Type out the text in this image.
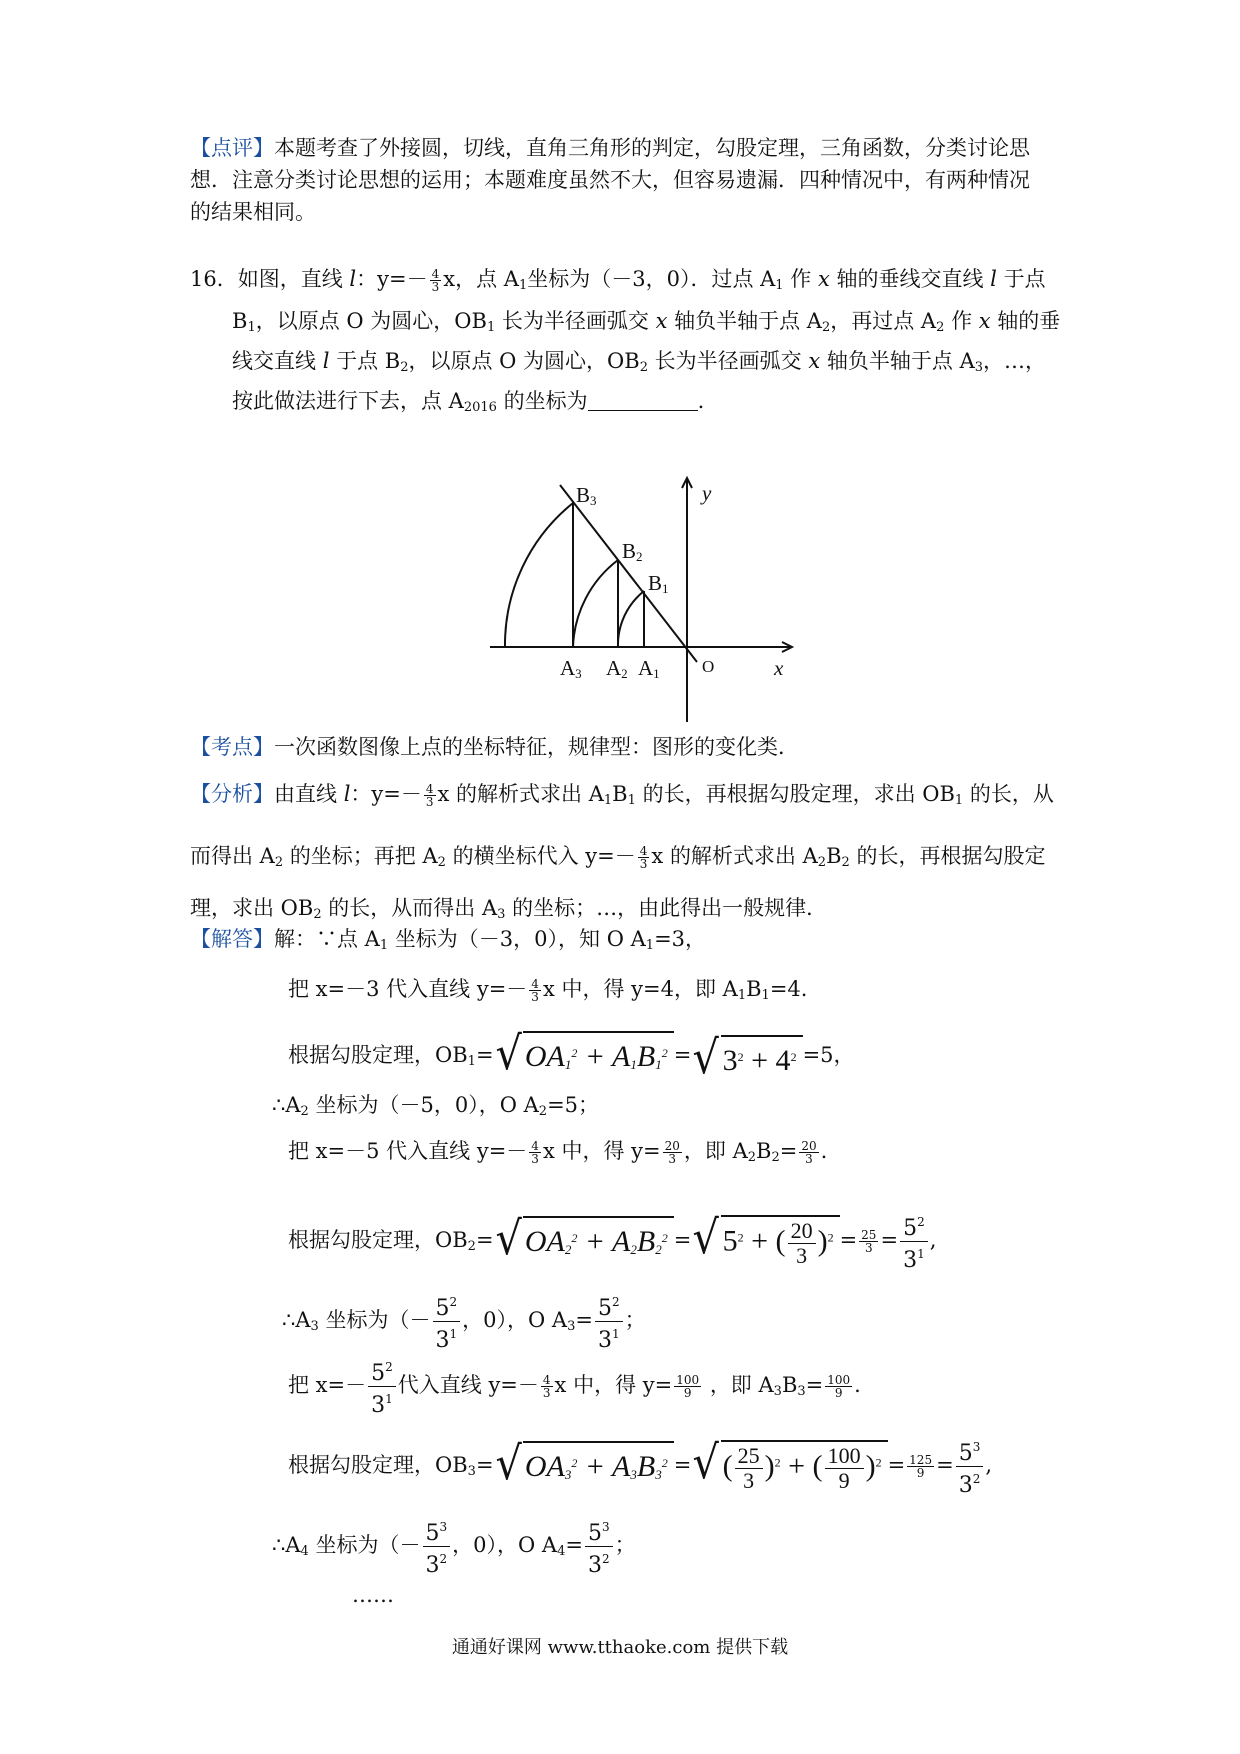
【点评】本题考查了外接圆，切线，直角三角形的判定，勾股定理，三角函数，分类讨论思
想．注意分类讨论思想的运用；本题难度虽然不大，但容易遗漏．四种情况中，有两种情况
的结果相同。
16．如图，直线 l：$y=- \frac{4}{3}$ x，点 $A_1$坐标为（－3，0）．过点 $A_1$ 作 x 轴的垂线交直线 l 于点
$B_1$，以原点 O 为圆心，$OB_1$ 长为半径画弧交 x 轴负半轴于点 $A_2$，再过点 $A_2$ 作 x 轴的垂
线交直线 l 于点 $B_2$，以原点 O 为圆心，$OB_2$ 长为半径画弧交 x 轴负半轴于点 $A_3$，…，
按此做法进行下去，点 $A_{2016}$ 的坐标为	.
B3
B2
B1
A3 A2 A1 O	x
y
【考点】一次函数图像上点的坐标特征，规律型：图形的变化类．
【分析】由直线 l：$y=- \frac{4}{3}$ x 的解析式求出 $A_1B_1$ 的长，再根据勾股定理，求出 $OB_1$ 的长，从
而得出 $A_2$ 的坐标；再把 $A_2$ 的横坐标代入 $y=- \frac{4}{3}$ x 的解析式求出 $A_2B_2$ 的长，再根据勾股定
理，求出 $OB_2$ 的长，从而得出 $A_3$ 的坐标；…，由此得出一般规律．
【解答】解：∵点 $A_1$ 坐标为（－3，0），知 O $A_1=3$，
把 x=－3 代入直线 $y=- \frac{4}{3}$ x 中，得 y=4，即 $A_1B_1=4$.
根据勾股定理，$OB_1=$ √ $OA_1^2 + A_1B_1^2$ = √ $3^2 + 4^2 =5$，
$\therefore A_2$ 坐标为（－5，0），O $A_2=5$；
把 x=－5 代入直线 $y=- \frac{4}{3}$ x 中，得 $y= \frac{20}{3}$ ，即 $A_2B_2= \frac{20}{3}$ .
根据勾股定理，$OB_2=$ √ $OA_2^2 + A_2B_2^2$ = √ $5^2$ + ( $\frac{20}{3} )^2 = \frac{25}{3} = \frac{5^2}{3^1}$ ,
$\therefore A_3$ 坐标为（－ $\frac{5^2}{3^1}$ ，0），O $A_3= \frac{5^2}{3^1}$ ；
把 $x=- \frac{5^2}{3^1}$ 代入直线 $y=- \frac{4}{3}$ x 中，得 $y= \frac{100}{9}$ ，即 $A_3B_3= \frac{100}{9}$ .
根据勾股定理，$OB_3=$ √ $OA_3^2 + A_3B_3^2$ = √ ( $\frac{25}{3} )^2$ + ( $\frac{100}{9} )^2 = \frac{125}{9} = \frac{5^3}{3^2}$ ,
$\therefore A_4$ 坐标为（－ $\frac{5^3}{3^2}$ ，0），O $A_4= \frac{5^3}{3^2}$ ；
……
通通好课网 www.tthaoke.com 提供下载
